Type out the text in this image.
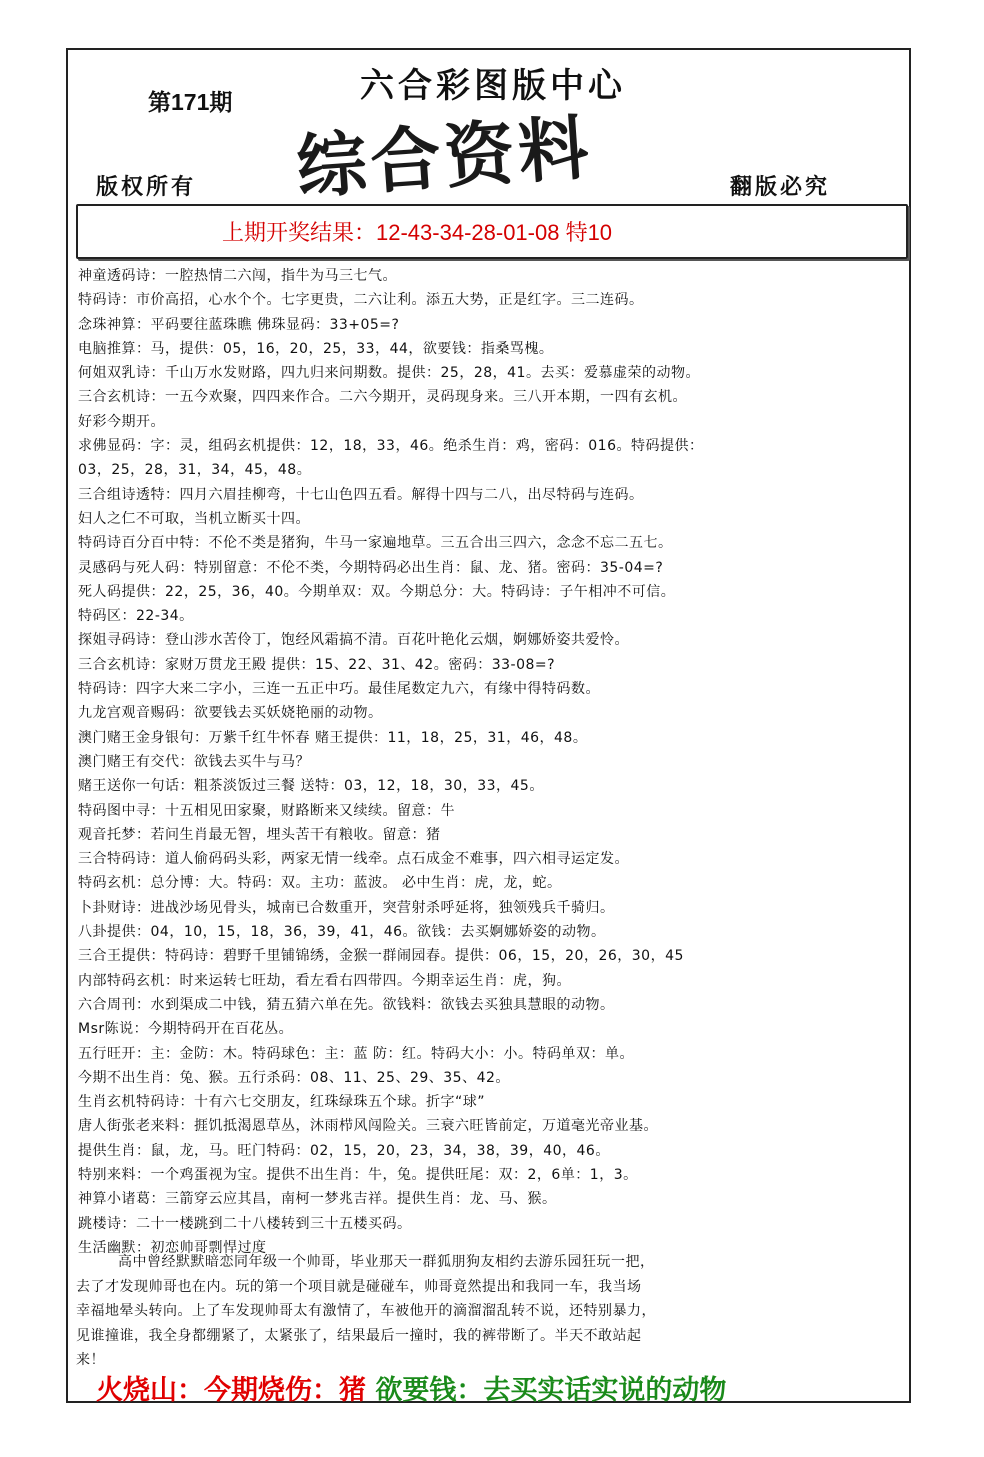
第171期	六合彩图版中心
综合资料
版权所有	翻版必究
上期开奖结果：12-43-34-28-01-08 特10
神童透码诗：一腔热情二六闯，指牛为马三七气。
特码诗：市价高招，心水个个。七字更贵，二六让利。添五大势，正是红字。三二连码。
念珠神算：平码要往蓝珠瞧 佛珠显码：33+05=?
电脑推算：马，提供：05，16，20，25，33，44，欲要钱：指桑骂槐。
何姐双乳诗：千山万水发财路，四九归来问期数。提供：25，28，41。去买：爱慕虚荣的动物。
三合玄机诗：一五今欢聚，四四来作合。二六今期开，灵码现身来。三八开本期，一四有玄机。
好彩今期开。
求佛显码：字：灵，组码玄机提供：12，18，33，46。绝杀生肖：鸡，密码：016。特码提供：
03，25，28，31，34，45，48。
三合组诗透特：四月六眉挂柳弯，十七山色四五看。解得十四与二八，出尽特码与连码。
妇人之仁不可取，当机立断买十四。
特码诗百分百中特：不伦不类是猪狗，牛马一家遍地草。三五合出三四六，念念不忘二五七。
灵感码与死人码：特别留意：不伦不类，今期特码必出生肖：鼠、龙、猪。密码：35-04=?
死人码提供：22，25，36，40。今期单双：双。今期总分：大。特码诗：子午相冲不可信。
特码区：22-34。
探姐寻码诗：登山涉水苦伶丁，饱经风霜搞不清。百花叶艳化云烟，婀娜娇姿共爱怜。
三合玄机诗：家财万贯龙王殿 提供：15、22、31、42。密码：33-08=?
特码诗：四字大来二字小，三连一五正中巧。最佳尾数定九六，有缘中得特码数。
九龙宫观音赐码：欲要钱去买妖娆艳丽的动物。
澳门赌王金身银句：万紫千红牛怀春 赌王提供：11，18，25，31，46，48。
澳门赌王有交代：欲钱去买牛与马？
赌王送你一句话：粗茶淡饭过三餐 送特：03，12，18，30，33，45。
特码图中寻：十五相见田家聚，财路断来又续续。留意：牛
观音托梦：若问生肖最无智，埋头苦干有粮收。留意：猪
三合特码诗：道人偷码码头彩，两家无情一线牵。点石成金不难事，四六相寻运定发。
特码玄机：总分博：大。特码：双。主功：蓝波。 必中生肖：虎，龙，蛇。
卜卦财诗：进战沙场见骨头，城南已合数重开，突营射杀呼延将，独领残兵千骑归。
八卦提供：04，10，15，18，36，39，41，46。欲钱：去买婀娜娇姿的动物。
三合王提供：特码诗：碧野千里铺锦绣，金猴一群闹园春。提供：06，15，20，26，30，45
内部特码玄机：时来运转七旺劫，看左看右四带四。今期幸运生肖：虎，狗。
六合周刊：水到渠成二中钱，猜五猜六单在先。欲钱料：欲钱去买独具慧眼的动物。
Msr陈说：今期特码开在百花丛。
五行旺开：主：金防：木。特码球色：主：蓝 防：红。特码大小：小。特码单双：单。
今期不出生肖：兔、猴。五行杀码：08、11、25、29、35、42。
生肖玄机特码诗：十有六七交朋友，红珠绿珠五个球。折字“球”
唐人街张老来料：捱饥抵渴恩草丛，沐雨栉风闯险关。三衰六旺皆前定，万道毫光帝业基。
提供生肖：鼠，龙，马。旺门特码：02，15，20，23，34，38，39，40，46。
特别来料：一个鸡蛋视为宝。提供不出生肖：牛，兔。提供旺尾：双：2，6单：1，3。
神算小诸葛：三箭穿云应其昌，南柯一梦兆吉祥。提供生肖：龙、马、猴。
跳楼诗：二十一楼跳到二十八楼转到三十五楼买码。
生活幽默：初恋帅哥剽悍过度
高中曾经默默暗恋同年级一个帅哥，毕业那天一群狐朋狗友相约去游乐园狂玩一把，
去了才发现帅哥也在内。玩的第一个项目就是碰碰车，帅哥竟然提出和我同一车，我当场
幸福地晕头转向。上了车发现帅哥太有激情了，车被他开的滴溜溜乱转不说，还特别暴力，
见谁撞谁，我全身都绷紧了，太紧张了，结果最后一撞时，我的裤带断了。半天不敢站起
来！
火烧山：今期烧伤：猪 欲要钱：去买实话实说的动物
